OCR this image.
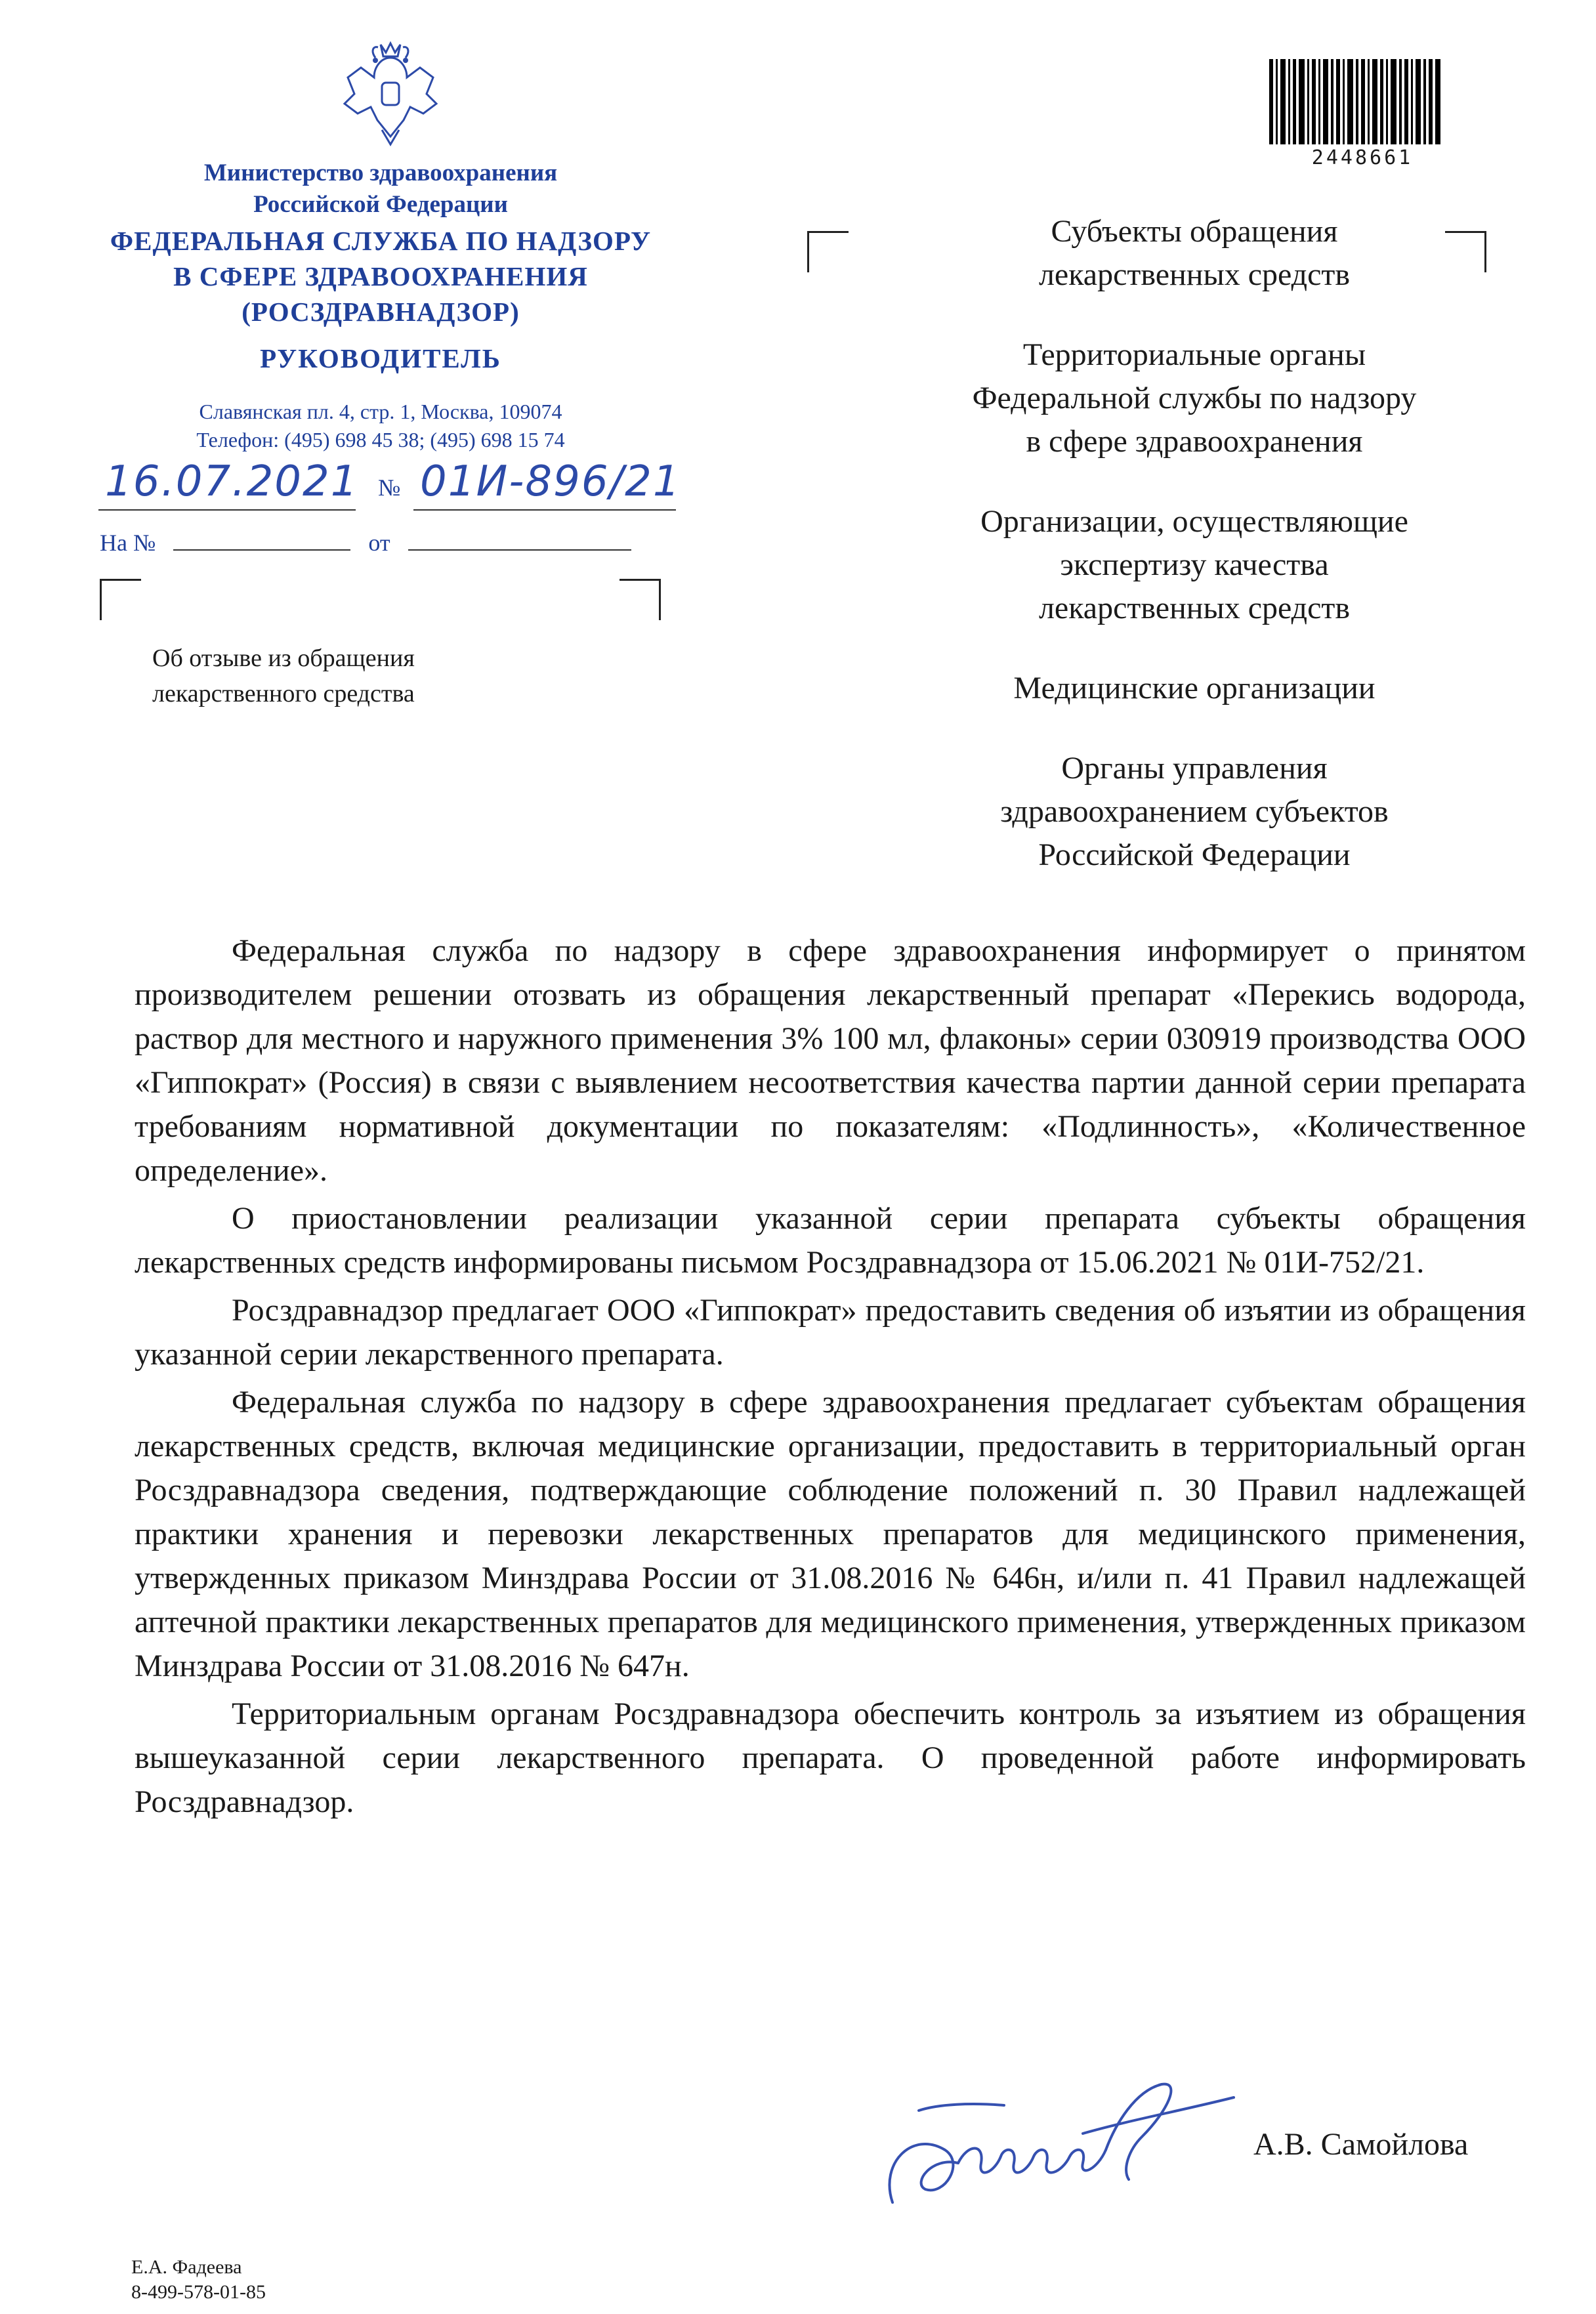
Министерство здравоохранения
Российской Федерации
ФЕДЕРАЛЬНАЯ СЛУЖБА ПО НАДЗОРУ
В СФЕРЕ ЗДРАВООХРАНЕНИЯ
(РОСЗДРАВНАДЗОР)
РУКОВОДИТЕЛЬ
Славянская пл. 4, стр. 1, Москва, 109074
Телефон: (495) 698 45 38; (495) 698 15 74
16.07.2021 № 01И-896/21
На №	от
Об отзыве из обращения лекарственного средства
2448661
Субъекты обращения
лекарственных средств
Территориальные органы
Федеральной службы по надзору
в сфере здравоохранения
Организации, осуществляющие
экспертизу качества
лекарственных средств
Медицинские организации
Органы управления
здравоохранением субъектов
Российской Федерации

Федеральная служба по надзору в сфере здравоохранения информирует о принятом производителем решении отозвать из обращения лекарственный препарат «Перекись водорода, раствор для местного и наружного применения 3% 100 мл, флаконы» серии 030919 производства ООО «Гиппократ» (Россия) в связи с выявлением несоответствия качества партии данной серии препарата требованиям нормативной документации по показателям: «Подлинность», «Количественное определение».

О приостановлении реализации указанной серии препарата субъекты обращения лекарственных средств информированы письмом Росздравнадзора от 15.06.2021 № 01И-752/21.

Росздравнадзор предлагает ООО «Гиппократ» предоставить сведения об изъятии из обращения указанной серии лекарственного препарата.

Федеральная служба по надзору в сфере здравоохранения предлагает субъектам обращения лекарственных средств, включая медицинские организации, предоставить в территориальный орган Росздравнадзора сведения, подтверждающие соблюдение положений п. 30 Правил надлежащей практики хранения и перевозки лекарственных препаратов для медицинского применения, утвержденных приказом Минздрава России от 31.08.2016 № 646н, и/или п. 41 Правил надлежащей аптечной практики лекарственных препаратов для медицинского применения, утвержденных приказом Минздрава России от 31.08.2016 № 647н.

Территориальным органам Росздравнадзора обеспечить контроль за изъятием из обращения вышеуказанной серии лекарственного препарата. О проведенной работе информировать Росздравнадзор.

А.В. Самойлова
Е.А. Фадеева
8-499-578-01-85
